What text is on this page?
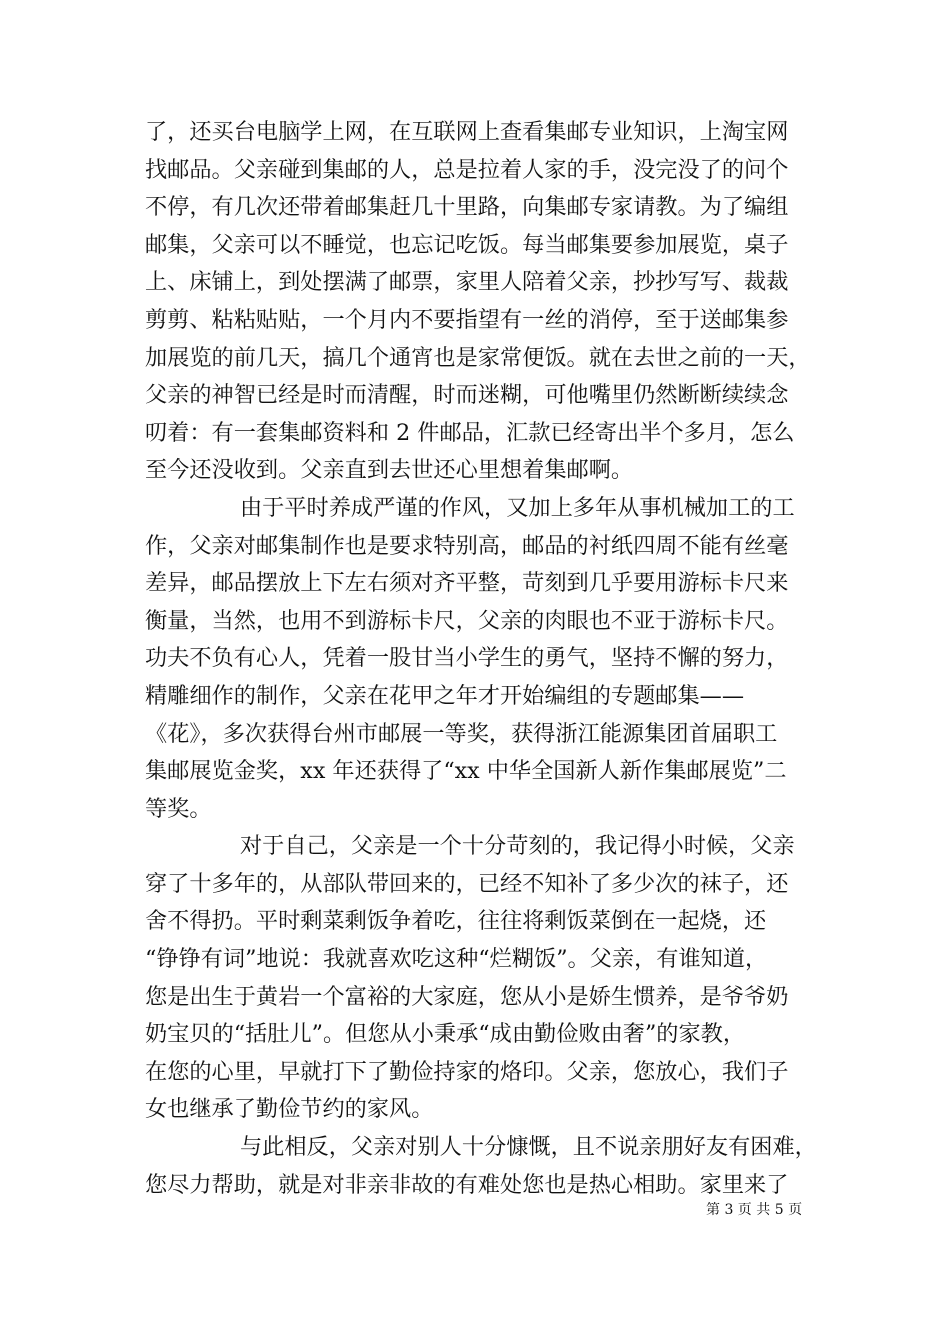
了，还买台电脑学上网，在互联网上查看集邮专业知识，上淘宝网
找邮品。父亲碰到集邮的人，总是拉着人家的手，没完没了的问个
不停，有几次还带着邮集赶几十里路，向集邮专家请教。为了编组
邮集，父亲可以不睡觉，也忘记吃饭。每当邮集要参加展览，桌子
上、床铺上，到处摆满了邮票，家里人陪着父亲，抄抄写写、裁裁
剪剪、粘粘贴贴，一个月内不要指望有一丝的消停，至于送邮集参
加展览的前几天，搞几个通宵也是家常便饭。就在去世之前的一天，
父亲的神智已经是时而清醒，时而迷糊，可他嘴里仍然断断续续念
叨着：有一套集邮资料和 2 件邮品，汇款已经寄出半个多月，怎么
至今还没收到。父亲直到去世还心里想着集邮啊。
由于平时养成严谨的作风，又加上多年从事机械加工的工
作，父亲对邮集制作也是要求特别高，邮品的衬纸四周不能有丝毫
差异，邮品摆放上下左右须对齐平整，苛刻到几乎要用游标卡尺来
衡量，当然，也用不到游标卡尺，父亲的肉眼也不亚于游标卡尺。
功夫不负有心人，凭着一股甘当小学生的勇气，坚持不懈的努力，
精雕细作的制作，父亲在花甲之年才开始编组的专题邮集——
《花》，多次获得台州市邮展一等奖，获得浙江能源集团首届职工
集邮展览金奖，xx 年还获得了“xx 中华全国新人新作集邮展览”二
等奖。
对于自己，父亲是一个十分苛刻的，我记得小时候，父亲
穿了十多年的，从部队带回来的，已经不知补了多少次的袜子，还
舍不得扔。平时剩菜剩饭争着吃，往往将剩饭菜倒在一起烧，还
“铮铮有词”地说：我就喜欢吃这种“烂糊饭”。父亲，有谁知道，
您是出生于黄岩一个富裕的大家庭，您从小是娇生惯养，是爷爷奶
奶宝贝的“括肚儿”。但您从小秉承“成由勤俭败由奢”的家教，
在您的心里，早就打下了勤俭持家的烙印。父亲，您放心，我们子
女也继承了勤俭节约的家风。
与此相反，父亲对别人十分慷慨，且不说亲朋好友有困难，
您尽力帮助，就是对非亲非故的有难处您也是热心相助。家里来了
第 3 页 共 5 页
